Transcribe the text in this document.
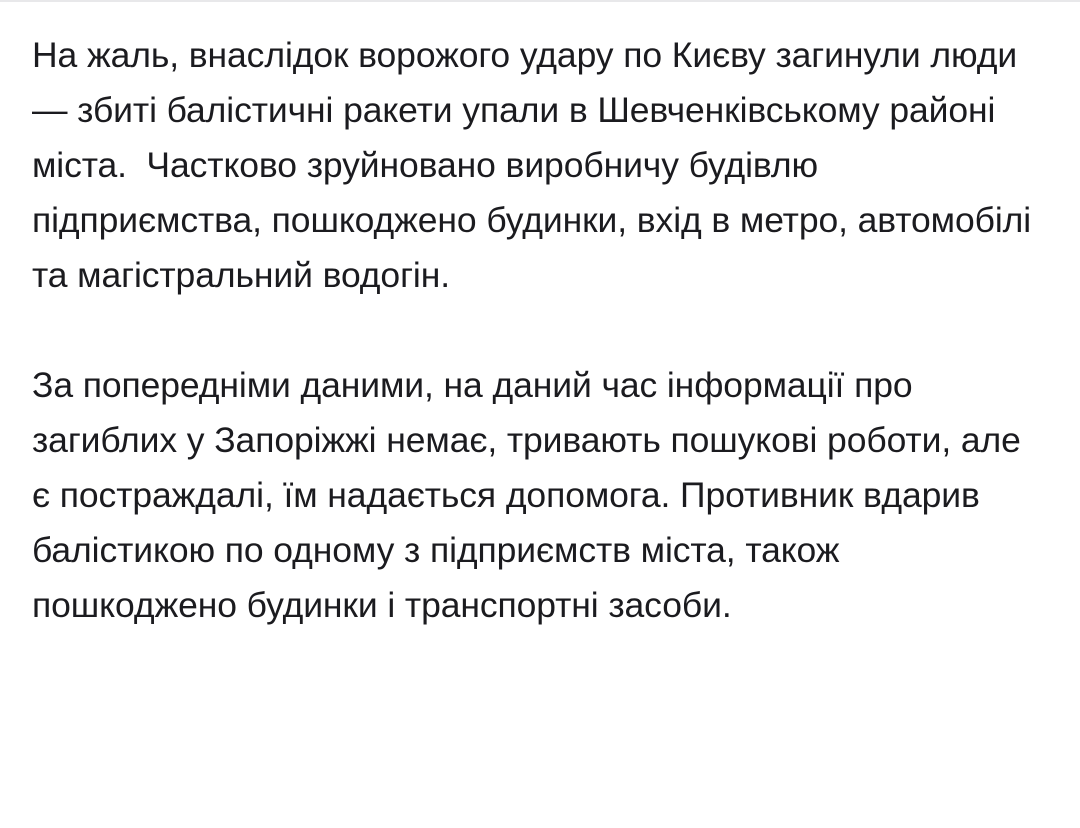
На жаль, внаслідок ворожого удару по Києву загинули люди — збиті балістичні ракети упали в Шевченківському районі міста.  Частково зруйновано виробничу будівлю підприємства, пошкоджено будинки, вхід в метро, автомобілі та магістральний водогін.

За попередніми даними, на даний час інформації про загиблих у Запоріжжі немає, тривають пошукові роботи, але є постраждалі, їм надається допомога. Противник вдарив балістикою по одному з підприємств міста, також пошкоджено будинки і транспортні засоби.
